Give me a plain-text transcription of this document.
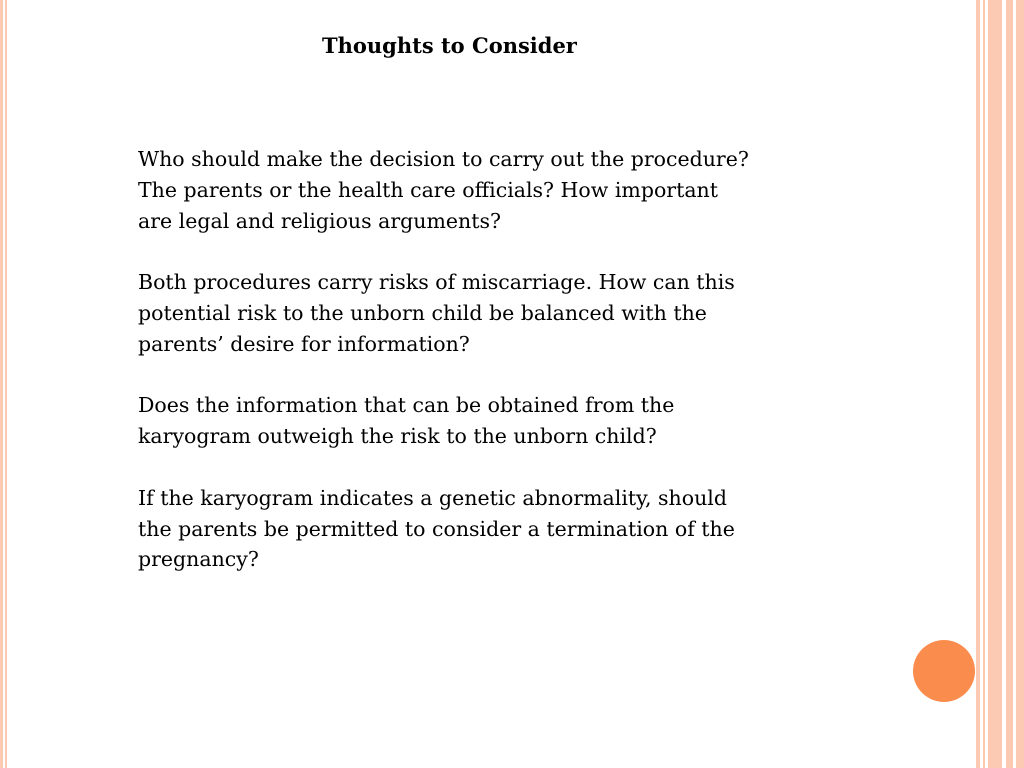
Thoughts to Consider

Who should make the decision to carry out the procedure?
The parents or the health care officials? How important
are legal and religious arguments?

Both procedures carry risks of miscarriage. How can this
potential risk to the unborn child be balanced with the
parents’ desire for information?

Does the information that can be obtained from the
karyogram outweigh the risk to the unborn child?

If the karyogram indicates a genetic abnormality, should
the parents be permitted to consider a termination of the
pregnancy?
